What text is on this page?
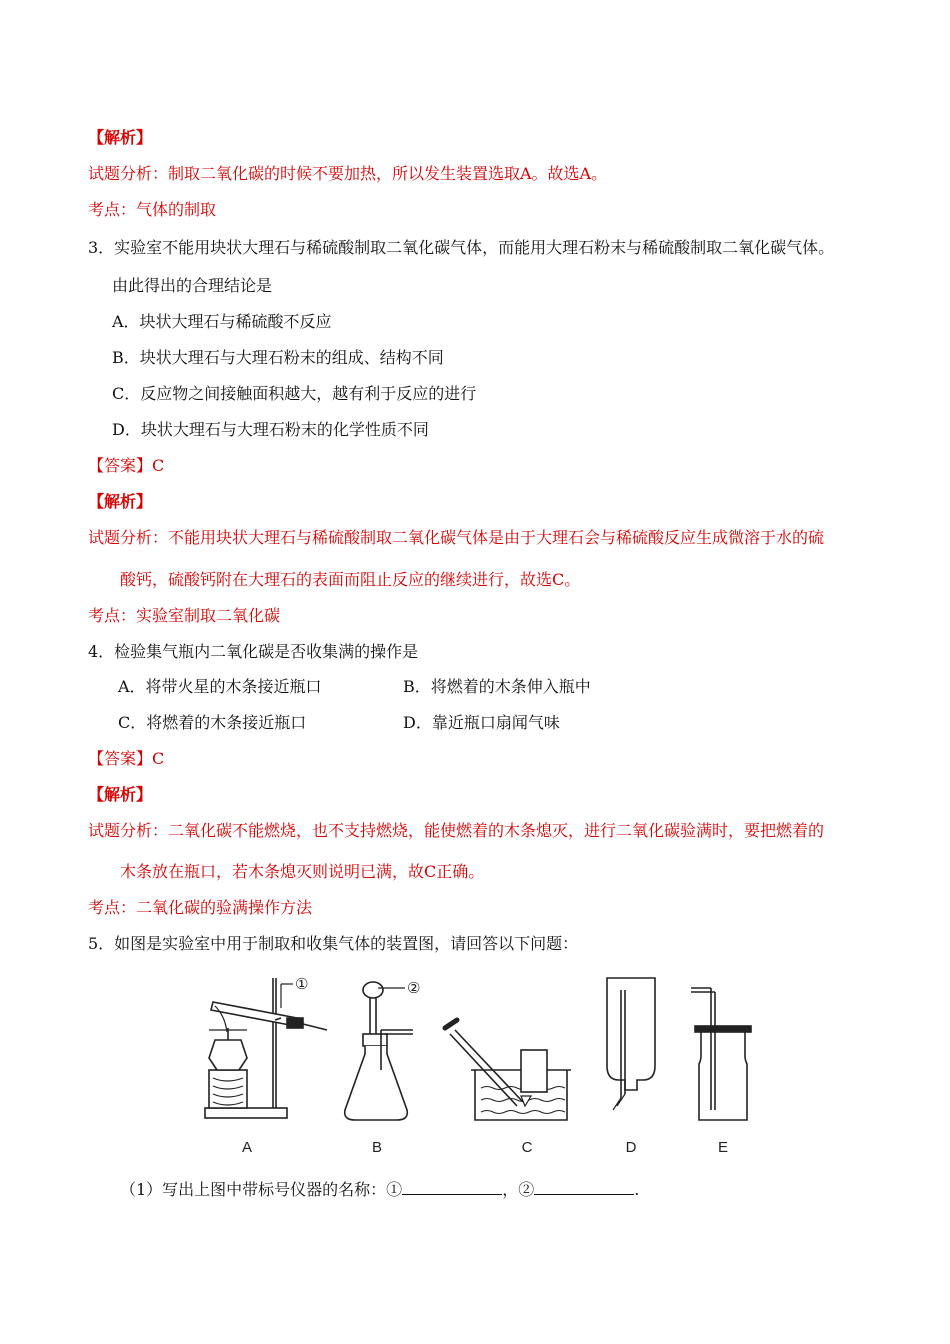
【解析】
试题分析：制取二氧化碳的时候不要加热，所以发生装置选取A。故选A。
考点：气体的制取
3．实验室不能用块状大理石与稀硫酸制取二氧化碳气体，而能用大理石粉末与稀硫酸制取二氧化碳气体。
由此得出的合理结论是
A．块状大理石与稀硫酸不反应
B．块状大理石与大理石粉末的组成、结构不同
C．反应物之间接触面积越大，越有利于反应的进行
D．块状大理石与大理石粉末的化学性质不同
【答案】C
【解析】
试题分析：不能用块状大理石与稀硫酸制取二氧化碳气体是由于大理石会与稀硫酸反应生成微溶于水的硫
酸钙，硫酸钙附在大理石的表面而阻止反应的继续进行，故选C。
考点：实验室制取二氧化碳
4．检验集气瓶内二氧化碳是否收集满的操作是
A．将带火星的木条接近瓶口	B．将燃着的木条伸入瓶中
C．将燃着的木条接近瓶口	D．靠近瓶口扇闻气味
【答案】C
【解析】
试题分析：二氧化碳不能燃烧，也不支持燃烧，能使燃着的木条熄灭，进行二氧化碳验满时，要把燃着的
木条放在瓶口，若木条熄灭则说明已满，故C正确。
考点：二氧化碳的验满操作方法
5．如图是实验室中用于制取和收集气体的装置图，请回答以下问题：
①	②
A	B	C	D	E
（1）写出上图中带标号仪器的名称：①	，②	.
